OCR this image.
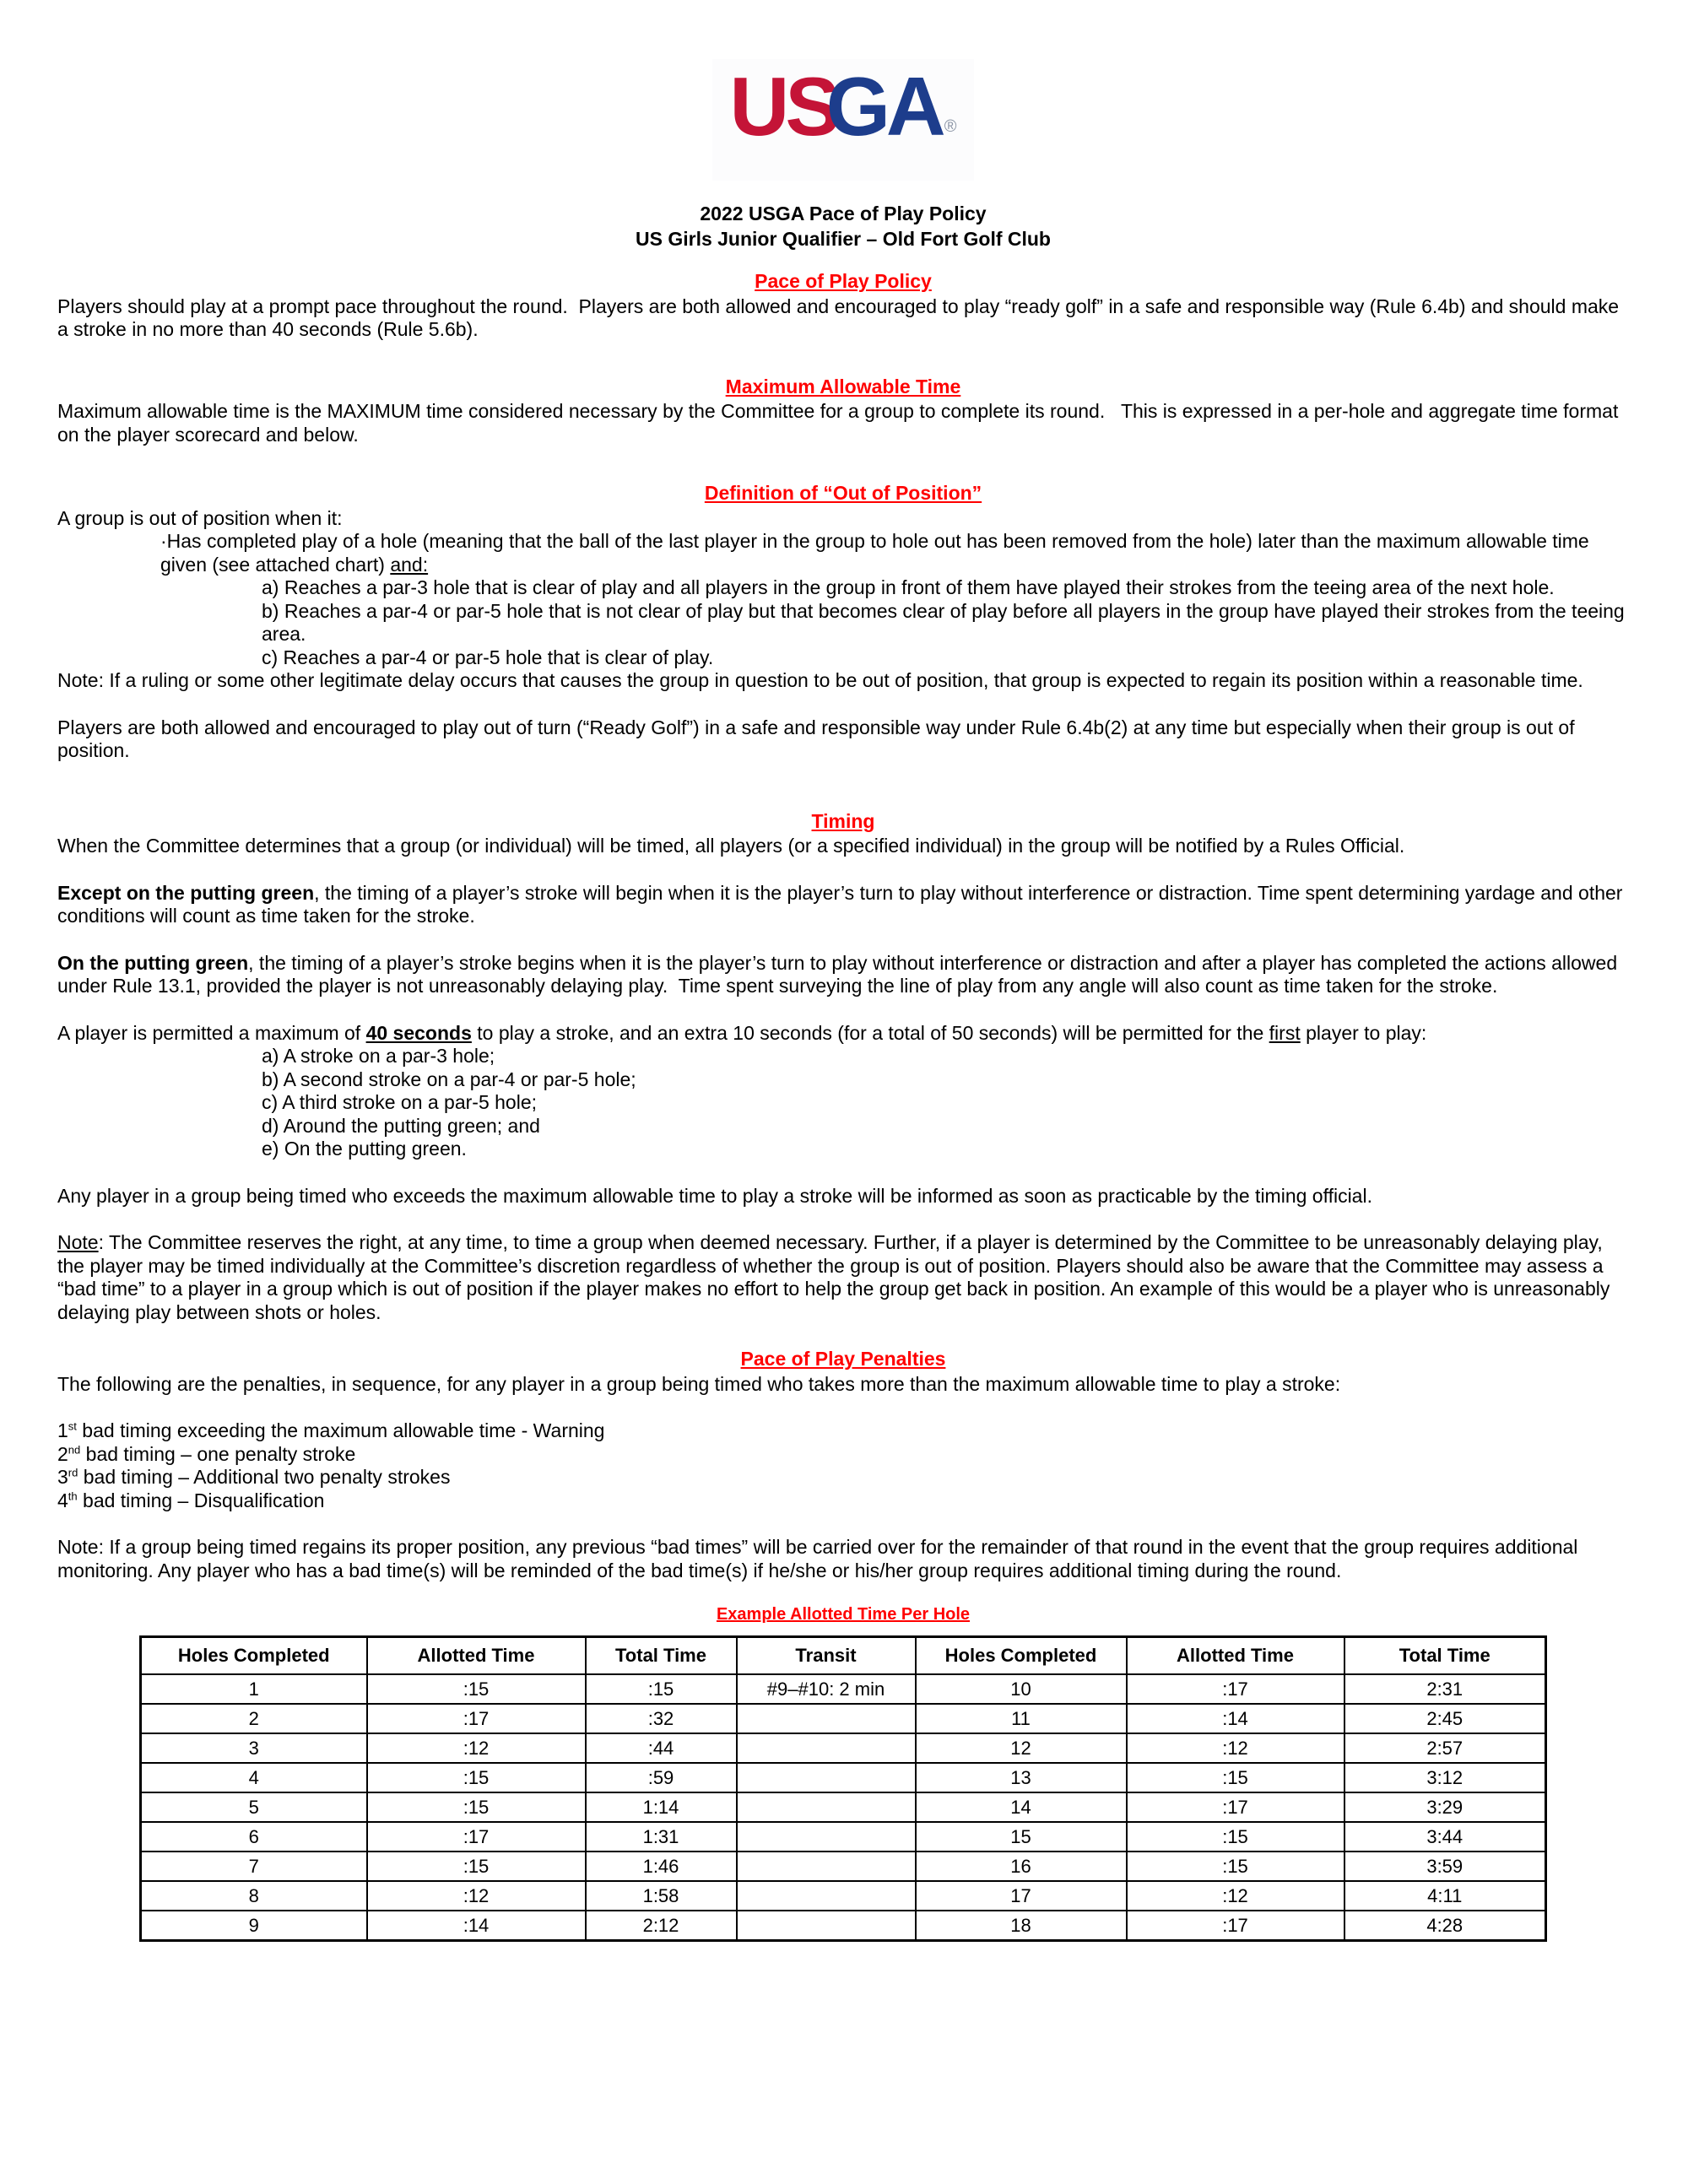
USGA ®

2022 USGA Pace of Play Policy

US Girls Junior Qualifier – Old Fort Golf Club

Pace of Play Policy

Players should play at a prompt pace throughout the round.  Players are both allowed and encouraged to play “ready golf” in a safe and responsible way (Rule 6.4b) and should make a stroke in no more than 40 seconds (Rule 5.6b).

Maximum Allowable Time

Maximum allowable time is the MAXIMUM time considered necessary by the Committee for a group to complete its round.   This is expressed in a per-hole and aggregate time format on the player scorecard and below.

Definition of “Out of Position”

A group is out of position when it:

·Has completed play of a hole (meaning that the ball of the last player in the group to hole out has been removed from the hole) later than the maximum allowable time given (see attached chart) and:

a) Reaches a par-3 hole that is clear of play and all players in the group in front of them have played their strokes from the teeing area of the next hole.

b) Reaches a par-4 or par-5 hole that is not clear of play but that becomes clear of play before all players in the group have played their strokes from the teeing area.

c) Reaches a par-4 or par-5 hole that is clear of play.

Note: If a ruling or some other legitimate delay occurs that causes the group in question to be out of position, that group is expected to regain its position within a reasonable time.

Players are both allowed and encouraged to play out of turn (“Ready Golf”) in a safe and responsible way under Rule 6.4b(2) at any time but especially when their group is out of position.

Timing

When the Committee determines that a group (or individual) will be timed, all players (or a specified individual) in the group will be notified by a Rules Official.

Except on the putting green, the timing of a player’s stroke will begin when it is the player’s turn to play without interference or distraction. Time spent determining yardage and other conditions will count as time taken for the stroke.

On the putting green, the timing of a player’s stroke begins when it is the player’s turn to play without interference or distraction and after a player has completed the actions allowed under Rule 13.1, provided the player is not unreasonably delaying play.  Time spent surveying the line of play from any angle will also count as time taken for the stroke.

A player is permitted a maximum of 40 seconds to play a stroke, and an extra 10 seconds (for a total of 50 seconds) will be permitted for the first player to play:

a) A stroke on a par-3 hole;

b) A second stroke on a par-4 or par-5 hole;

c) A third stroke on a par-5 hole;

d) Around the putting green; and

e) On the putting green.

Any player in a group being timed who exceeds the maximum allowable time to play a stroke will be informed as soon as practicable by the timing official.

Note: The Committee reserves the right, at any time, to time a group when deemed necessary. Further, if a player is determined by the Committee to be unreasonably delaying play, the player may be timed individually at the Committee’s discretion regardless of whether the group is out of position. Players should also be aware that the Committee may assess a “bad time” to a player in a group which is out of position if the player makes no effort to help the group get back in position. An example of this would be a player who is unreasonably delaying play between shots or holes.

Pace of Play Penalties

The following are the penalties, in sequence, for any player in a group being timed who takes more than the maximum allowable time to play a stroke:

1st bad timing exceeding the maximum allowable time - Warning

2nd bad timing – one penalty stroke

3rd bad timing – Additional two penalty strokes

4th bad timing – Disqualification

Note: If a group being timed regains its proper position, any previous “bad times” will be carried over for the remainder of that round in the event that the group requires additional monitoring. Any player who has a bad time(s) will be reminded of the bad time(s) if he/she or his/her group requires additional timing during the round.

Example Allotted Time Per Hole

Holes Completed	Allotted Time	Total Time	Transit	Holes Completed	Allotted Time	Total Time
1	:15	:15	#9–#10: 2 min	10	:17	2:31
2	:17	:32		11	:14	2:45
3	:12	:44		12	:12	2:57
4	:15	:59		13	:15	3:12
5	:15	1:14		14	:17	3:29
6	:17	1:31		15	:15	3:44
7	:15	1:46		16	:15	3:59
8	:12	1:58		17	:12	4:11
9	:14	2:12		18	:17	4:28
